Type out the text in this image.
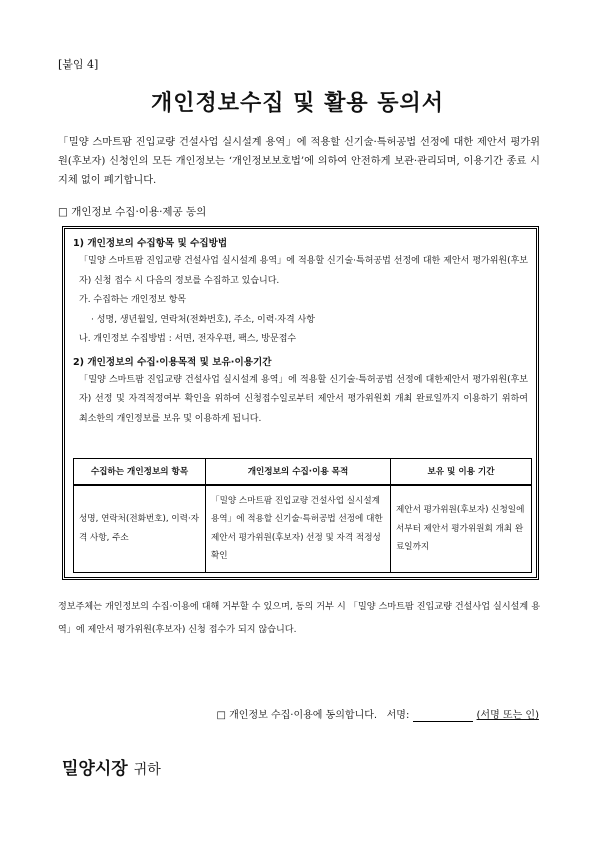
[붙임 4]
개인정보수집 및 활용 동의서
「밀양 스마트팜 진입교량 건설사업 실시설계 용역」에 적용할 신기술·특허공법 선정에 대한 제안서 평가위원(후보자) 신청인의 모든 개인정보는 ‘개인정보보호법’에 의하여 안전하게 보관·관리되며, 이용기간 종료 시 지체 없이 폐기합니다.
□ 개인정보 수집·이용·제공 동의
1) 개인정보의 수집항목 및 수집방법
「밀양 스마트팜 진입교량 건설사업 실시설계 용역」에 적용할 신기술·특허공법 선정에 대한 제안서 평가위원(후보자) 신청 접수 시 다음의 정보를 수집하고 있습니다.
가. 수집하는 개인정보 항목
· 성명, 생년월일, 연락처(전화번호), 주소, 이력·자격 사항
나. 개인정보 수집방법 : 서면, 전자우편, 팩스, 방문접수
2) 개인정보의 수집·이용목적 및 보유·이용기간
「밀양 스마트팜 진입교량 건설사업 실시설계 용역」에 적용할 신기술·특허공법 선정에 대한제안서 평가위원(후보자) 선정 및 자격적정여부 확인을 위하여 신청접수일로부터 제안서 평가위원회 개최 완료일까지 이용하기 위하여 최소한의 개인정보를 보유 및 이용하게 됩니다.
수집하는 개인정보의 항목	개인정보의 수집·이용 목적	보유 및 이용 기간
성명, 연락처(전화번호), 이력·자격 사항, 주소	「밀양 스마트팜 진입교량 건설사업 실시설계 용역」에 적용할 신기술·특허공법 선정에 대한 제안서 평가위원(후보자) 선정 및 자격 적정성 확인	제안서 평가위원(후보자) 신청일에서부터 제안서 평가위원회 개최 완료일까지
정보주체는 개인정보의 수집·이용에 대해 거부할 수 있으며, 동의 거부 시 「밀양 스마트팜 진입교량 건설사업 실시설계 용역」에 제안서 평가위원(후보자) 신청 접수가 되지 않습니다.
□ 개인정보 수집·이용에 동의합니다. 서명:	(서명 또는 인)
밀양시장 귀하
